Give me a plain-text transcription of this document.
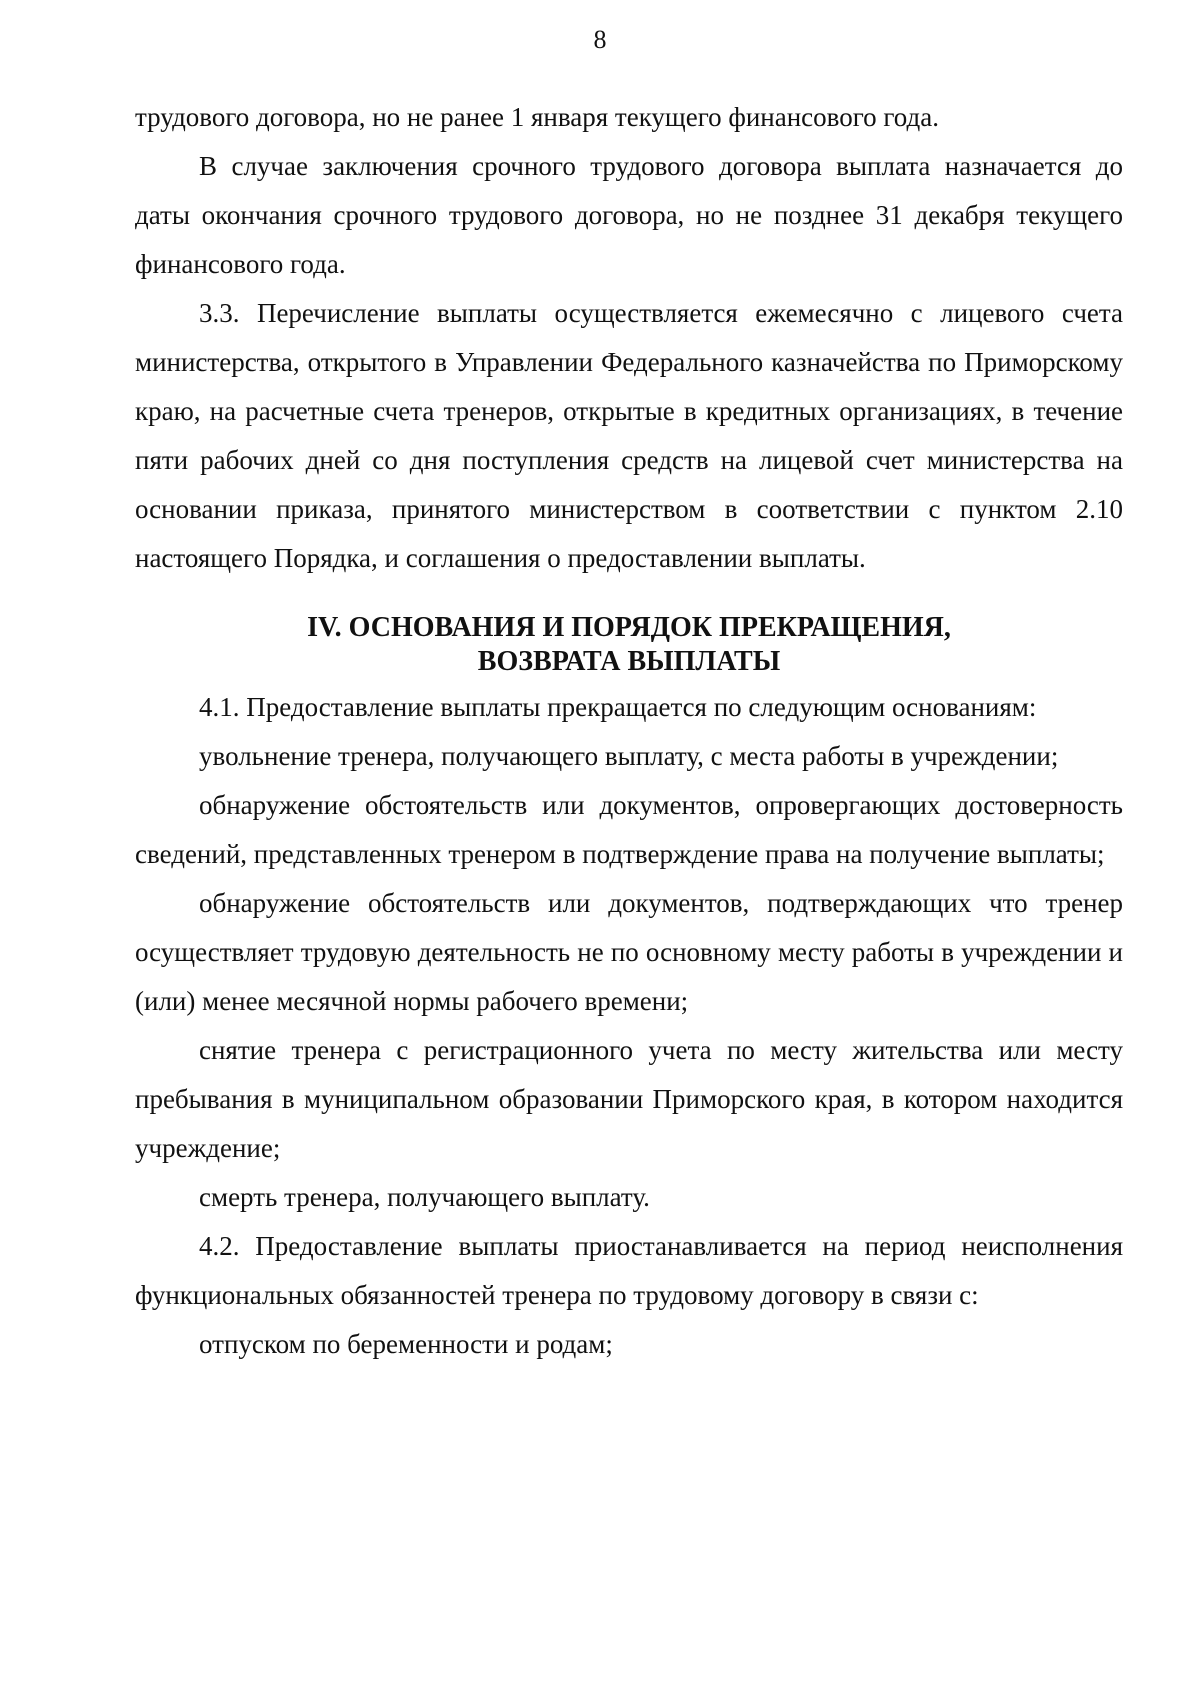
8

трудового договора, но не ранее 1 января текущего финансового года.

В случае заключения срочного трудового договора выплата назначается до даты окончания срочного трудового договора, но не позднее 31 декабря текущего финансового года.

3.3. Перечисление выплаты осуществляется ежемесячно с лицевого счета министерства, открытого в Управлении Федерального казначейства по Приморскому краю, на расчетные счета тренеров, открытые в кредитных организациях, в течение пяти рабочих дней со дня поступления средств на лицевой счет министерства на основании приказа, принятого министерством в соответствии с пунктом 2.10 настоящего Порядка, и соглашения о предоставлении выплаты.

IV. ОСНОВАНИЯ И ПОРЯДОК ПРЕКРАЩЕНИЯ,
ВОЗВРАТА ВЫПЛАТЫ

4.1. Предоставление выплаты прекращается по следующим основаниям:

увольнение тренера, получающего выплату, с места работы в учреждении;

обнаружение обстоятельств или документов, опровергающих достоверность сведений, представленных тренером в подтверждение права на получение выплаты;

обнаружение обстоятельств или документов, подтверждающих что тренер осуществляет трудовую деятельность не по основному месту работы в учреждении и (или) менее месячной нормы рабочего времени;

снятие тренера с регистрационного учета по месту жительства или месту пребывания в муниципальном образовании Приморского края, в котором находится учреждение;

смерть тренера, получающего выплату.

4.2. Предоставление выплаты приостанавливается на период неисполнения функциональных обязанностей тренера по трудовому договору в связи с:

отпуском по беременности и родам;
